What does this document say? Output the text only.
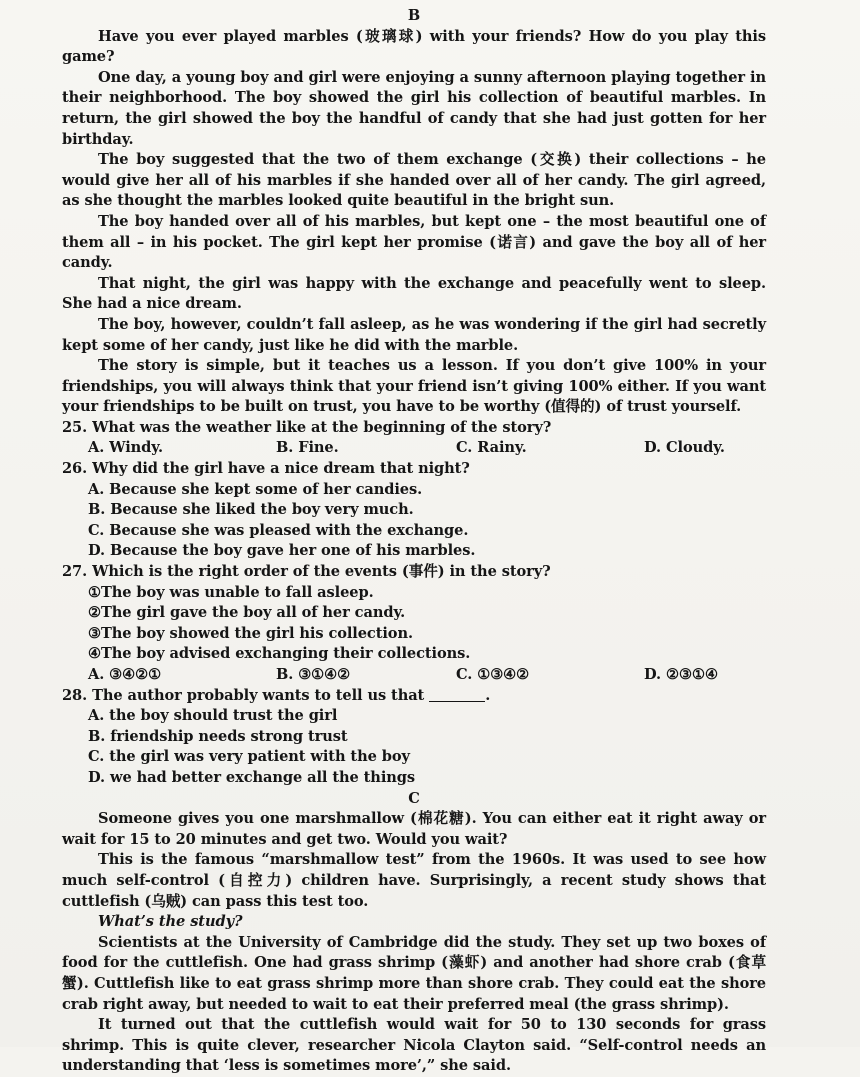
B

Have you ever played marbles (玻璃球) with your friends? How do you play this game?

One day, a young boy and girl were enjoying a sunny afternoon playing together in their neighborhood. The boy showed the girl his collection of beautiful marbles. In return, the girl showed the boy the handful of candy that she had just gotten for her birthday.

The boy suggested that the two of them exchange (交换) their collections – he would give her all of his marbles if she handed over all of her candy. The girl agreed, as she thought the marbles looked quite beautiful in the bright sun.

The boy handed over all of his marbles, but kept one – the most beautiful one of them all – in his pocket. The girl kept her promise (诺言) and gave the boy all of her candy.

That night, the girl was happy with the exchange and peacefully went to sleep. She had a nice dream.

The boy, however, couldn’t fall asleep, as he was wondering if the girl had secretly kept some of her candy, just like he did with the marble.

The story is simple, but it teaches us a lesson. If you don’t give 100% in your friendships, you will always think that your friend isn’t giving 100% either. If you want your friendships to be built on trust, you have to be worthy (值得的) of trust yourself.

25. What was the weather like at the beginning of the story?

A. Windy.	B. Fine.	C. Rainy.	D. Cloudy.

26. Why did the girl have a nice dream that night?

A. Because she kept some of her candies.

B. Because she liked the boy very much.

C. Because she was pleased with the exchange.

D. Because the boy gave her one of his marbles.

27. Which is the right order of the events (事件) in the story?

①The boy was unable to fall asleep.

②The girl gave the boy all of her candy.

③The boy showed the girl his collection.

④The boy advised exchanging their collections.

A. ③④②①	B. ③①④②	C. ①③④②	D. ②③①④

28. The author probably wants to tell us that	.

A. the boy should trust the girl

B. friendship needs strong trust

C. the girl was very patient with the boy

D. we had better exchange all the things

C

Someone gives you one marshmallow (棉花糖). You can either eat it right away or wait for 15 to 20 minutes and get two. Would you wait?

This is the famous “marshmallow test” from the 1960s. It was used to see how much self-control (自控力) children have. Surprisingly, a recent study shows that cuttlefish (乌贼) can pass this test too.

What’s the study?

Scientists at the University of Cambridge did the study. They set up two boxes of food for the cuttlefish. One had grass shrimp (藻虾) and another had shore crab (食草蟹). Cuttlefish like to eat grass shrimp more than shore crab. They could eat the shore crab right away, but needed to wait to eat their preferred meal (the grass shrimp).

It turned out that the cuttlefish would wait for 50 to 130 seconds for grass shrimp. This is quite clever, researcher Nicola Clayton said. “Self-control needs an understanding that ‘less is sometimes more’,” she said.
